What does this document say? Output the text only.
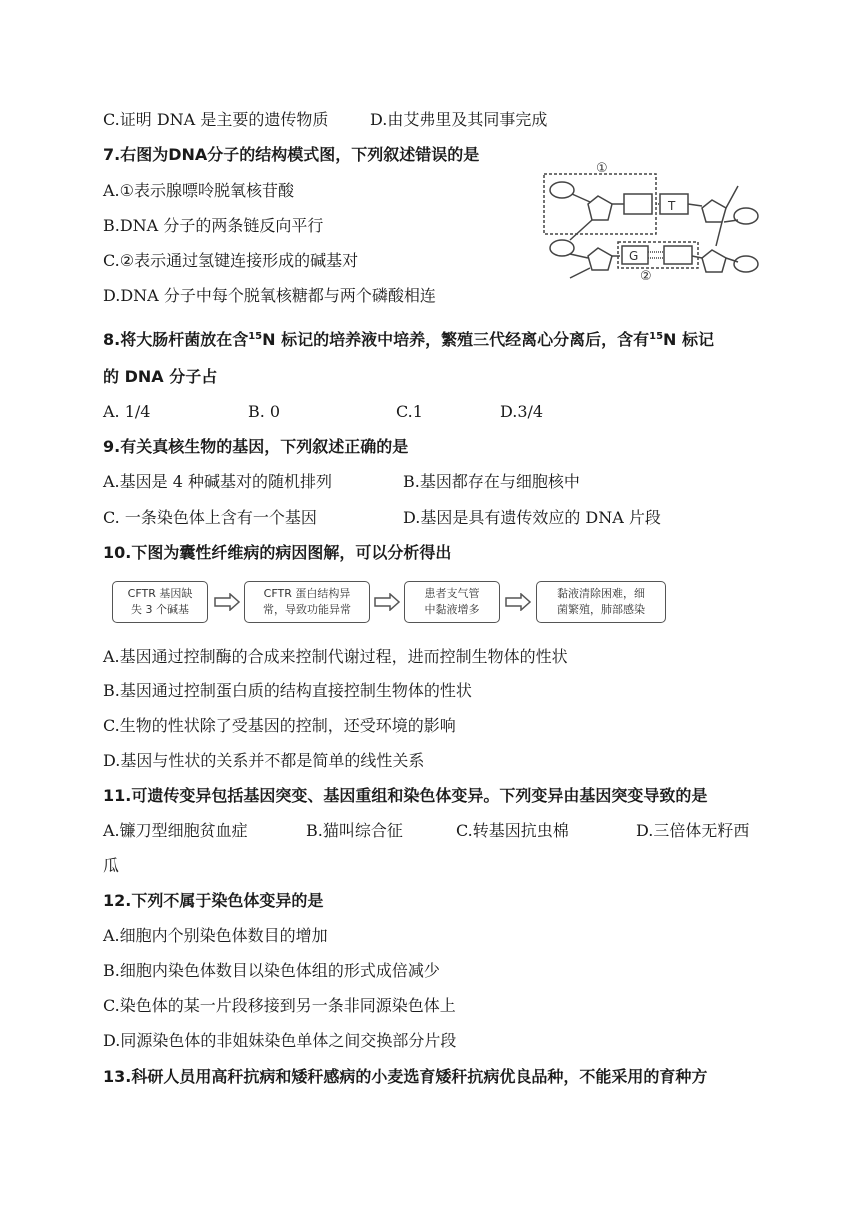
C.证明 DNA 是主要的遗传物质	D.由艾弗里及其同事完成
7.右图为DNA分子的结构模式图，下列叙述错误的是
A.①表示腺嘌呤脱氧核苷酸
B.DNA 分子的两条链反向平行
C.②表示通过氢键连接形成的碱基对
D.DNA 分子中每个脱氧核糖都与两个磷酸相连
①
T
G
②
8.将大肠杆菌放在含$^{15}$N 标记的培养液中培养，繁殖三代经离心分离后，含有$^{15}$N 标记
的 DNA 分子占
A. 1/4	B. 0	C.1	D.3/4
9.有关真核生物的基因，下列叙述正确的是
A.基因是 4 种碱基对的随机排列	B.基因都存在与细胞核中
C. 一条染色体上含有一个基因	D.基因是具有遗传效应的 DNA 片段
10.下图为囊性纤维病的病因图解，可以分析得出
CFTR 基因缺
失 3 个碱基
CFTR 蛋白结构异
常，导致功能异常
患者支气管
中黏液增多
黏液清除困难，细
菌繁殖，肺部感染
A.基因通过控制酶的合成来控制代谢过程，进而控制生物体的性状
B.基因通过控制蛋白质的结构直接控制生物体的性状
C.生物的性状除了受基因的控制，还受环境的影响
D.基因与性状的关系并不都是简单的线性关系
11.可遗传变异包括基因突变、基因重组和染色体变异。下列变异由基因突变导致的是
A.镰刀型细胞贫血症	B.猫叫综合征	C.转基因抗虫棉	D.三倍体无籽西
瓜
12.下列不属于染色体变异的是
A.细胞内个别染色体数目的增加
B.细胞内染色体数目以染色体组的形式成倍减少
C.染色体的某一片段移接到另一条非同源染色体上
D.同源染色体的非姐妹染色单体之间交换部分片段
13.科研人员用高秆抗病和矮秆感病的小麦选育矮秆抗病优良品种，不能采用的育种方
